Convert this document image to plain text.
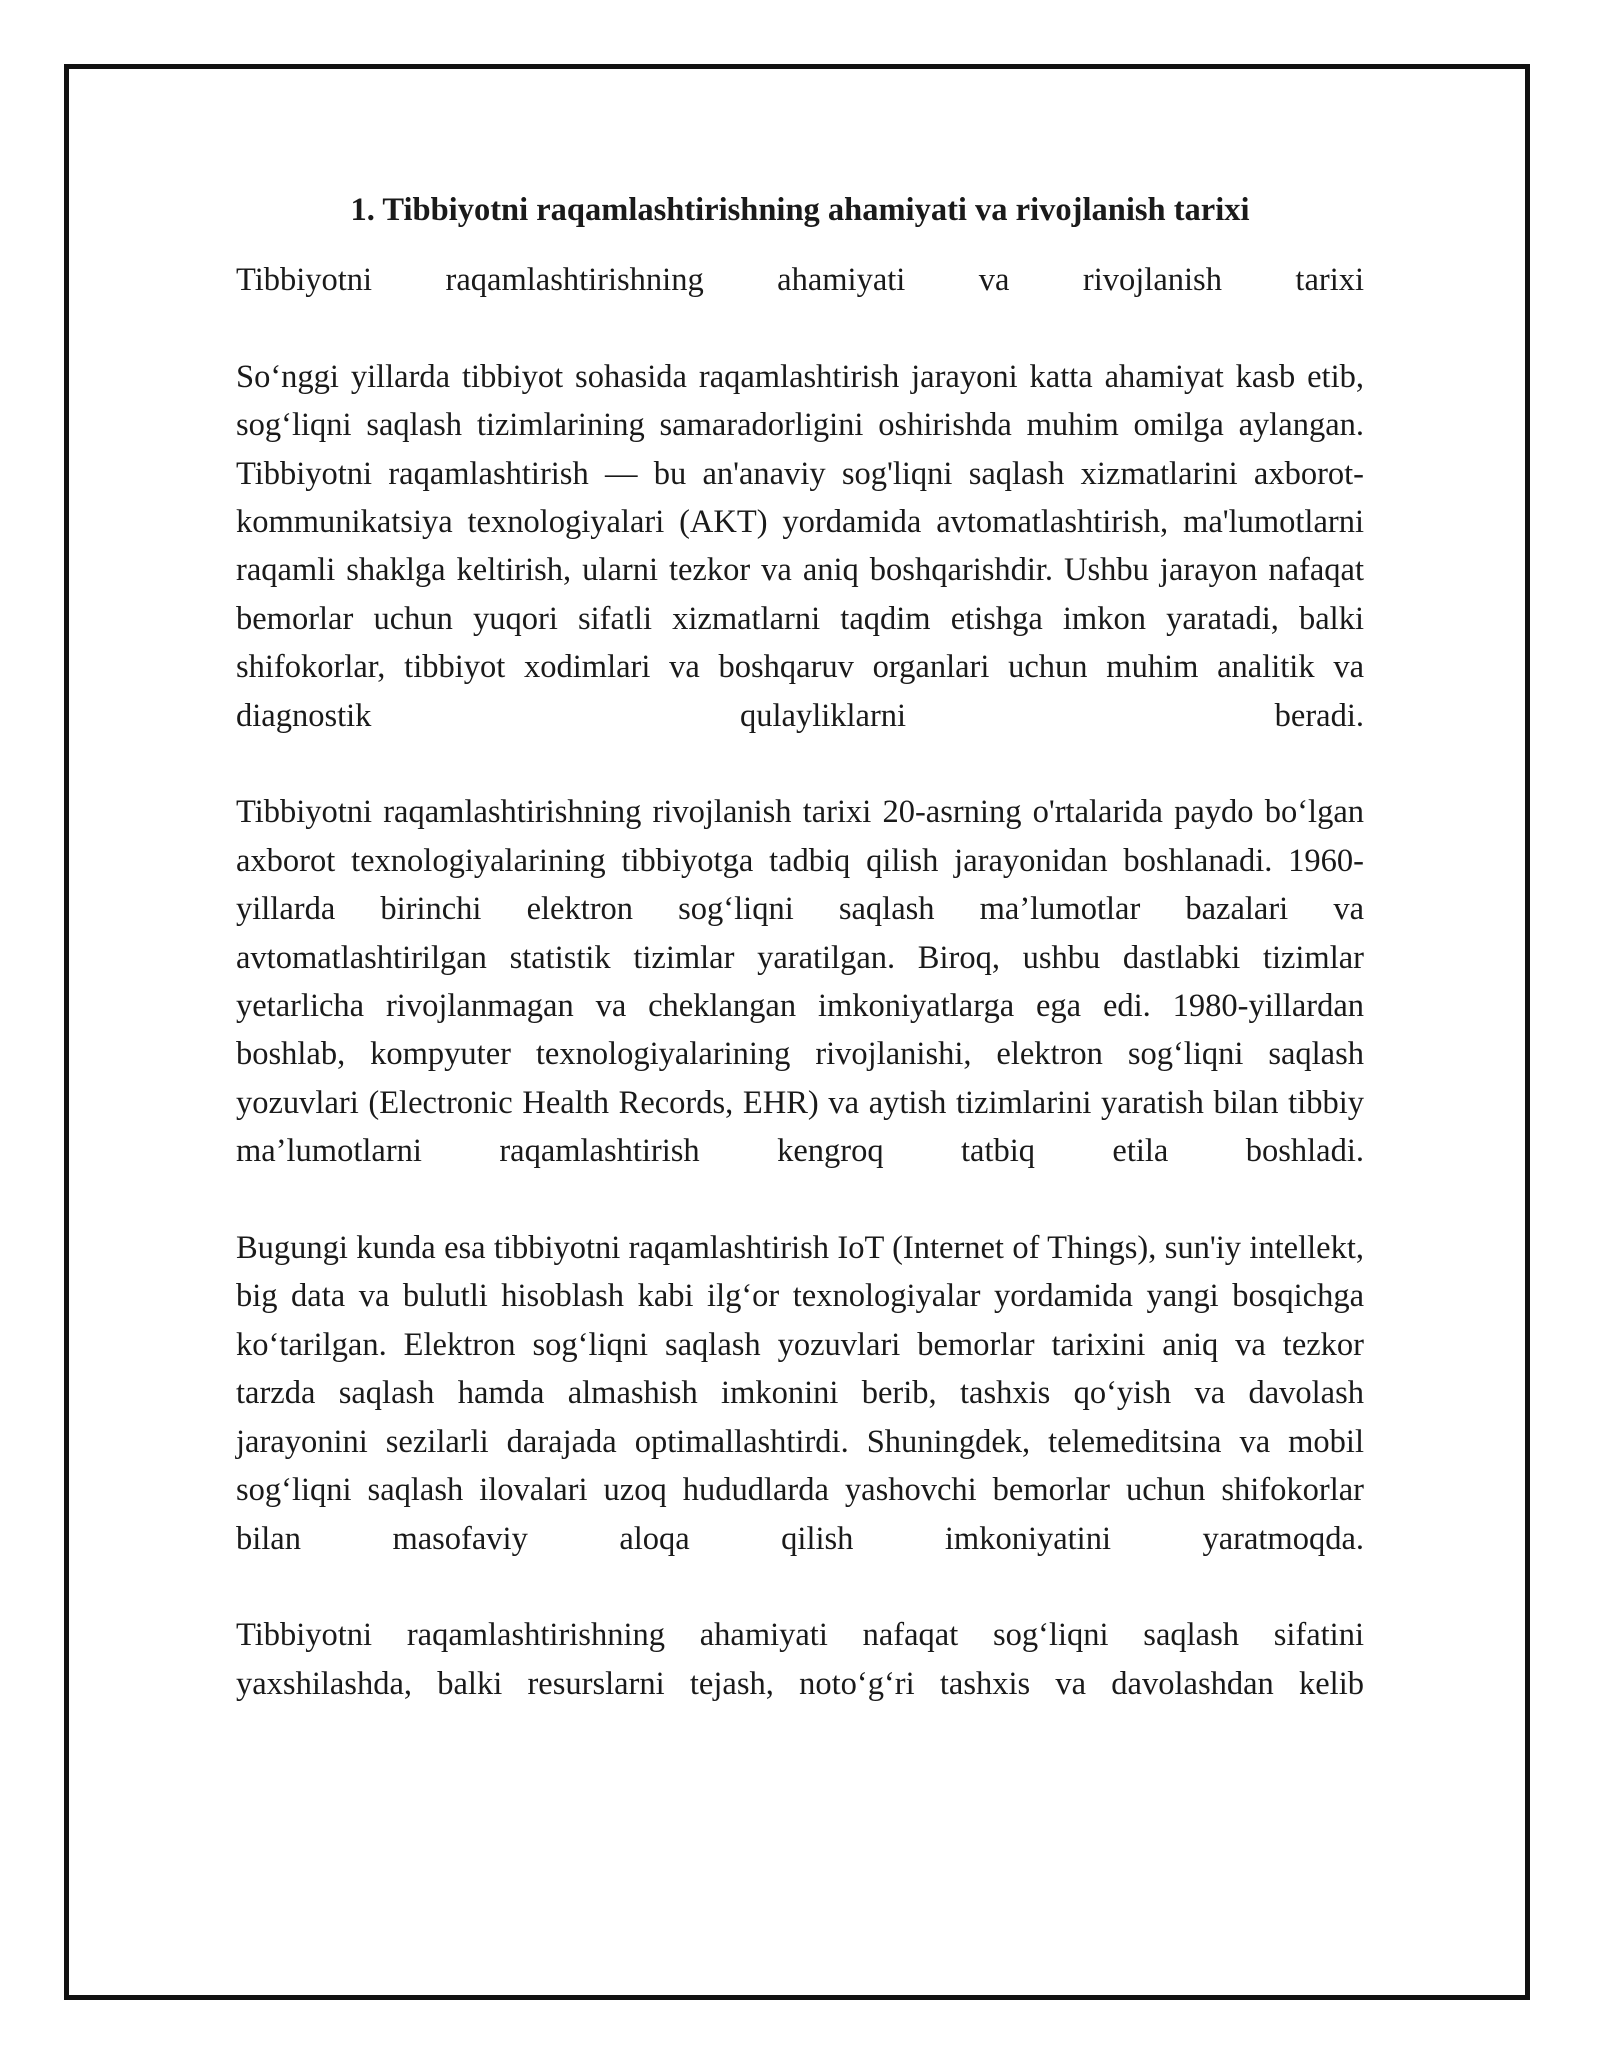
1. Tibbiyotni raqamlashtirishning ahamiyati va rivojlanish tarixi

Tibbiyotni raqamlashtirishning ahamiyati va rivojlanish tarixi

So‘nggi yillarda tibbiyot sohasida raqamlashtirish jarayoni katta ahamiyat kasb etib, sog‘liqni saqlash tizimlarining samaradorligini oshirishda muhim omilga aylangan. Tibbiyotni raqamlashtirish — bu an'anaviy sog'liqni saqlash xizmatlarini axborot-kommunikatsiya texnologiyalari (AKT) yordamida avtomatlashtirish, ma'lumotlarni raqamli shaklga keltirish, ularni tezkor va aniq boshqarishdir. Ushbu jarayon nafaqat bemorlar uchun yuqori sifatli xizmatlarni taqdim etishga imkon yaratadi, balki shifokorlar, tibbiyot xodimlari va boshqaruv organlari uchun muhim analitik va diagnostik qulayliklarni beradi.

Tibbiyotni raqamlashtirishning rivojlanish tarixi 20-asrning o'rtalarida paydo bo‘lgan axborot texnologiyalarining tibbiyotga tadbiq qilish jarayonidan boshlanadi. 1960-yillarda birinchi elektron sog‘liqni saqlash ma’lumotlar bazalari va avtomatlashtirilgan statistik tizimlar yaratilgan. Biroq, ushbu dastlabki tizimlar yetarlicha rivojlanmagan va cheklangan imkoniyatlarga ega edi. 1980-yillardan boshlab, kompyuter texnologiyalarining rivojlanishi, elektron sog‘liqni saqlash yozuvlari (Electronic Health Records, EHR) va aytish tizimlarini yaratish bilan tibbiy ma’lumotlarni raqamlashtirish kengroq tatbiq etila boshladi.

Bugungi kunda esa tibbiyotni raqamlashtirish IoT (Internet of Things), sun'iy intellekt, big data va bulutli hisoblash kabi ilg‘or texnologiyalar yordamida yangi bosqichga ko‘tarilgan. Elektron sog‘liqni saqlash yozuvlari bemorlar tarixini aniq va tezkor tarzda saqlash hamda almashish imkonini berib, tashxis qo‘yish va davolash jarayonini sezilarli darajada optimallashtirdi. Shuningdek, telemeditsina va mobil sog‘liqni saqlash ilovalari uzoq hududlarda yashovchi bemorlar uchun shifokorlar bilan masofaviy aloqa qilish imkoniyatini yaratmoqda.

Tibbiyotni raqamlashtirishning ahamiyati nafaqat sog‘liqni saqlash sifatini yaxshilashda, balki resurslarni tejash, noto‘g‘ri tashxis va davolashdan kelib
